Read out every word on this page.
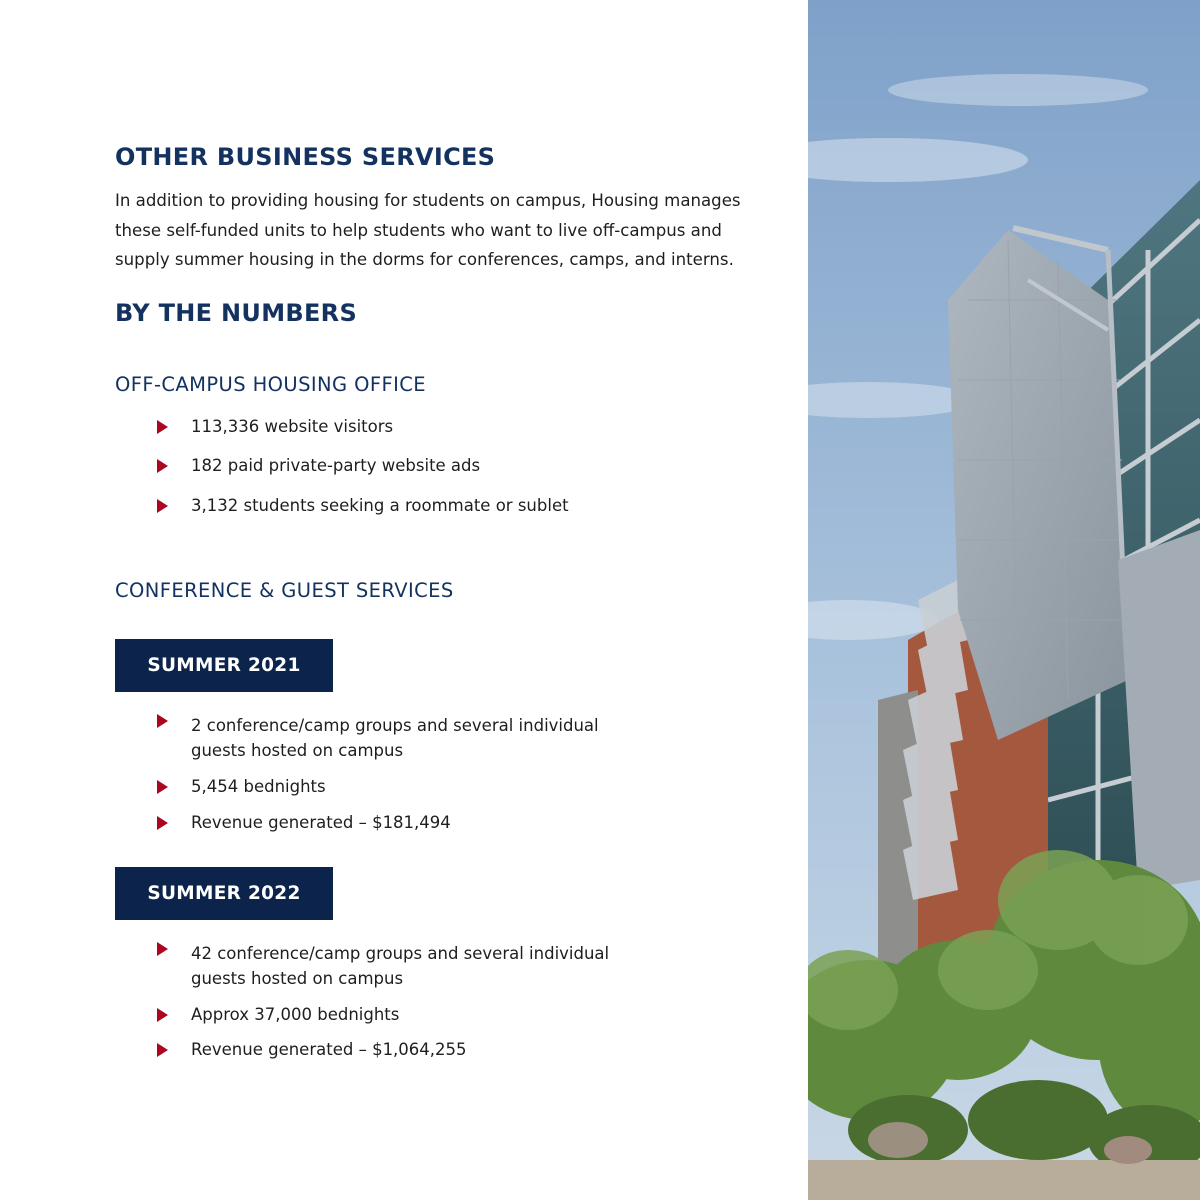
OTHER BUSINESS SERVICES

In addition to providing housing for students on campus, Housing manages these self-funded units to help students who want to live off-campus and supply summer housing in the dorms for conferences, camps, and interns.

BY THE NUMBERS
OFF-CAMPUS HOUSING OFFICE
113,336 website visitors
182 paid private-party website ads
3,132 students seeking a roommate or sublet
CONFERENCE & GUEST SERVICES
SUMMER 2021
2 conference/camp groups and several individual
guests hosted on campus
5,454 bednights
Revenue generated – $181,494
SUMMER 2022
42 conference/camp groups and several individual
guests hosted on campus
Approx 37,000 bednights
Revenue generated – $1,064,255
